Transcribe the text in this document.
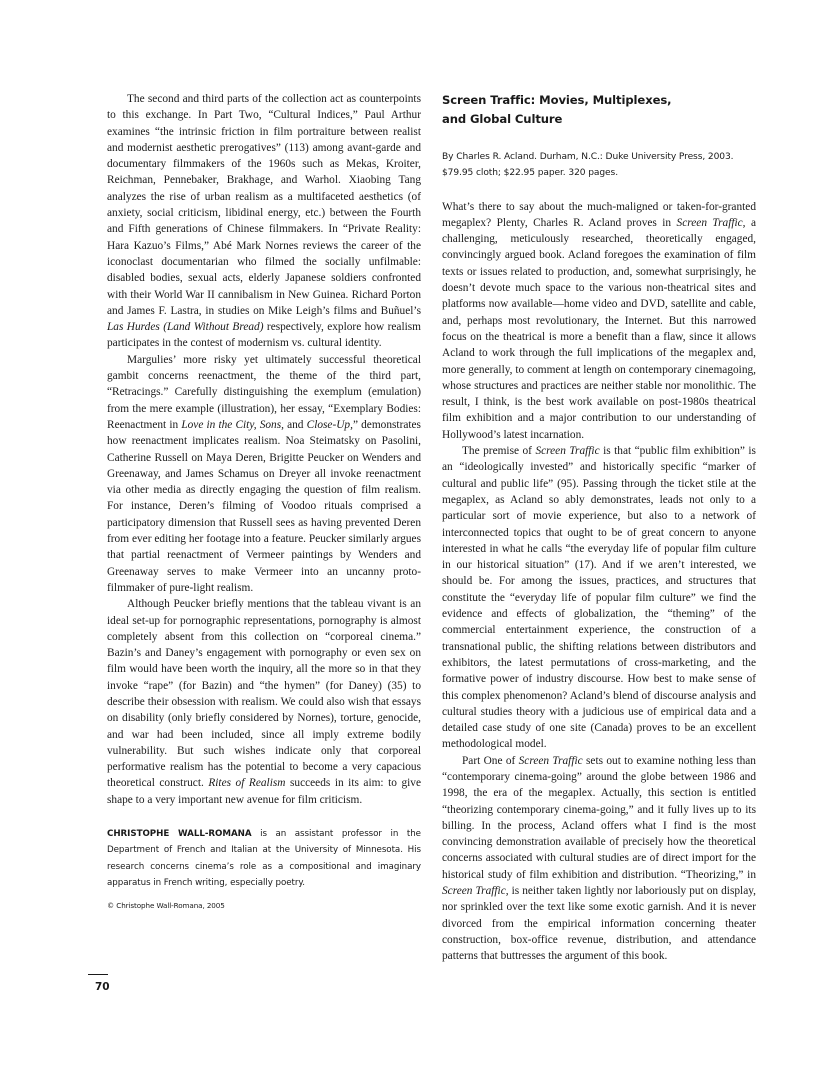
The second and third parts of the collection act as counterpoints to this exchange. In Part Two, “Cultural Indices,” Paul Arthur examines “the intrinsic friction in film portraiture between realist and modernist aesthetic prerogatives” (113) among avant-garde and documentary filmmakers of the 1960s such as Mekas, Kroiter, Reichman, Pennebaker, Brakhage, and Warhol. Xiaobing Tang analyzes the rise of urban realism as a multifaceted aesthetics (of anxiety, social criticism, libidinal energy, etc.) between the Fourth and Fifth generations of Chinese filmmakers. In “Private Reality: Hara Kazuo’s Films,” Abé Mark Nornes reviews the career of the iconoclast documentarian who filmed the socially unfilmable: disabled bodies, sexual acts, elderly Japanese soldiers confronted with their World War II cannibalism in New Guinea. Richard Porton and James F. Lastra, in studies on Mike Leigh’s films and Buñuel’s Las Hurdes (Land Without Bread) respectively, explore how realism participates in the contest of modernism vs. cultural identity.

Margulies’ more risky yet ultimately successful theoretical gambit concerns reenactment, the theme of the third part, “Retracings.” Carefully distinguishing the exemplum (emulation) from the mere example (illustration), her essay, “Exemplary Bodies: Reenactment in Love in the City, Sons, and Close-Up,” demonstrates how reenactment implicates realism. Noa Steimatsky on Pasolini, Catherine Russell on Maya Deren, Brigitte Peucker on Wenders and Greenaway, and James Schamus on Dreyer all invoke reenactment via other media as directly engaging the question of film realism. For instance, Deren’s filming of Voodoo rituals comprised a participatory dimension that Russell sees as having prevented Deren from ever editing her footage into a feature. Peucker similarly argues that partial reenactment of Vermeer paintings by Wenders and Greenaway serves to make Vermeer into an uncanny proto-filmmaker of pure-light realism.

Although Peucker briefly mentions that the tableau vivant is an ideal set-up for pornographic representations, pornography is almost completely absent from this collection on “corporeal cinema.” Bazin’s and Daney’s engagement with pornography or even sex on film would have been worth the inquiry, all the more so in that they invoke “rape” (for Bazin) and “the hymen” (for Daney) (35) to describe their obsession with realism. We could also wish that essays on disability (only briefly considered by Nornes), torture, genocide, and war had been included, since all imply extreme bodily vulnerability. But such wishes indicate only that corporeal performative realism has the potential to become a very capacious theoretical construct. Rites of Realism succeeds in its aim: to give shape to a very important new avenue for film criticism.

CHRISTOPHE WALL-ROMANA is an assistant professor in the Department of French and Italian at the University of Minnesota. His research concerns cinema’s role as a compositional and imaginary apparatus in French writing, especially poetry.

© Christophe Wall-Romana, 2005

Screen Traffic: Movies, Multiplexes,
and Global Culture
By Charles R. Acland. Durham, N.C.: Duke University Press, 2003.
$79.95 cloth; $22.95 paper. 320 pages.

What’s there to say about the much-maligned or taken-for-granted megaplex? Plenty, Charles R. Acland proves in Screen Traffic, a challenging, meticulously researched, theoretically engaged, convincingly argued book. Acland foregoes the examination of film texts or issues related to production, and, somewhat surprisingly, he doesn’t devote much space to the various non-theatrical sites and platforms now available—home video and DVD, satellite and cable, and, perhaps most revolutionary, the Internet. But this narrowed focus on the theatrical is more a benefit than a flaw, since it allows Acland to work through the full implications of the megaplex and, more generally, to comment at length on contemporary cinemagoing, whose structures and practices are neither stable nor monolithic. The result, I think, is the best work available on post-1980s theatrical film exhibition and a major contribution to our understanding of Hollywood’s latest incarnation.

The premise of Screen Traffic is that “public film exhibition” is an “ideologically invested” and historically specific “marker of cultural and public life” (95). Passing through the ticket stile at the megaplex, as Acland so ably demonstrates, leads not only to a particular sort of movie experience, but also to a network of interconnected topics that ought to be of great concern to anyone interested in what he calls “the everyday life of popular film culture in our historical situation” (17). And if we aren’t interested, we should be. For among the issues, practices, and structures that constitute the “everyday life of popular film culture” we find the evidence and effects of globalization, the “theming” of the commercial entertainment experience, the construction of a transnational public, the shifting relations between distributors and exhibitors, the latest permutations of cross-marketing, and the formative power of industry discourse. How best to make sense of this complex phenomenon? Acland’s blend of discourse analysis and cultural studies theory with a judicious use of empirical data and a detailed case study of one site (Canada) proves to be an excellent methodological model.

Part One of Screen Traffic sets out to examine nothing less than “contemporary cinema-going” around the globe between 1986 and 1998, the era of the megaplex. Actually, this section is entitled “theorizing contemporary cinema-going,” and it fully lives up to its billing. In the process, Acland offers what I find is the most convincing demonstration available of precisely how the theoretical concerns associated with cultural studies are of direct import for the historical study of film exhibition and distribution. “Theorizing,” in Screen Traffic, is neither taken lightly nor laboriously put on display, nor sprinkled over the text like some exotic garnish. And it is never divorced from the empirical information concerning theater construction, box-office revenue, distribution, and attendance patterns that buttresses the argument of this book.

70
